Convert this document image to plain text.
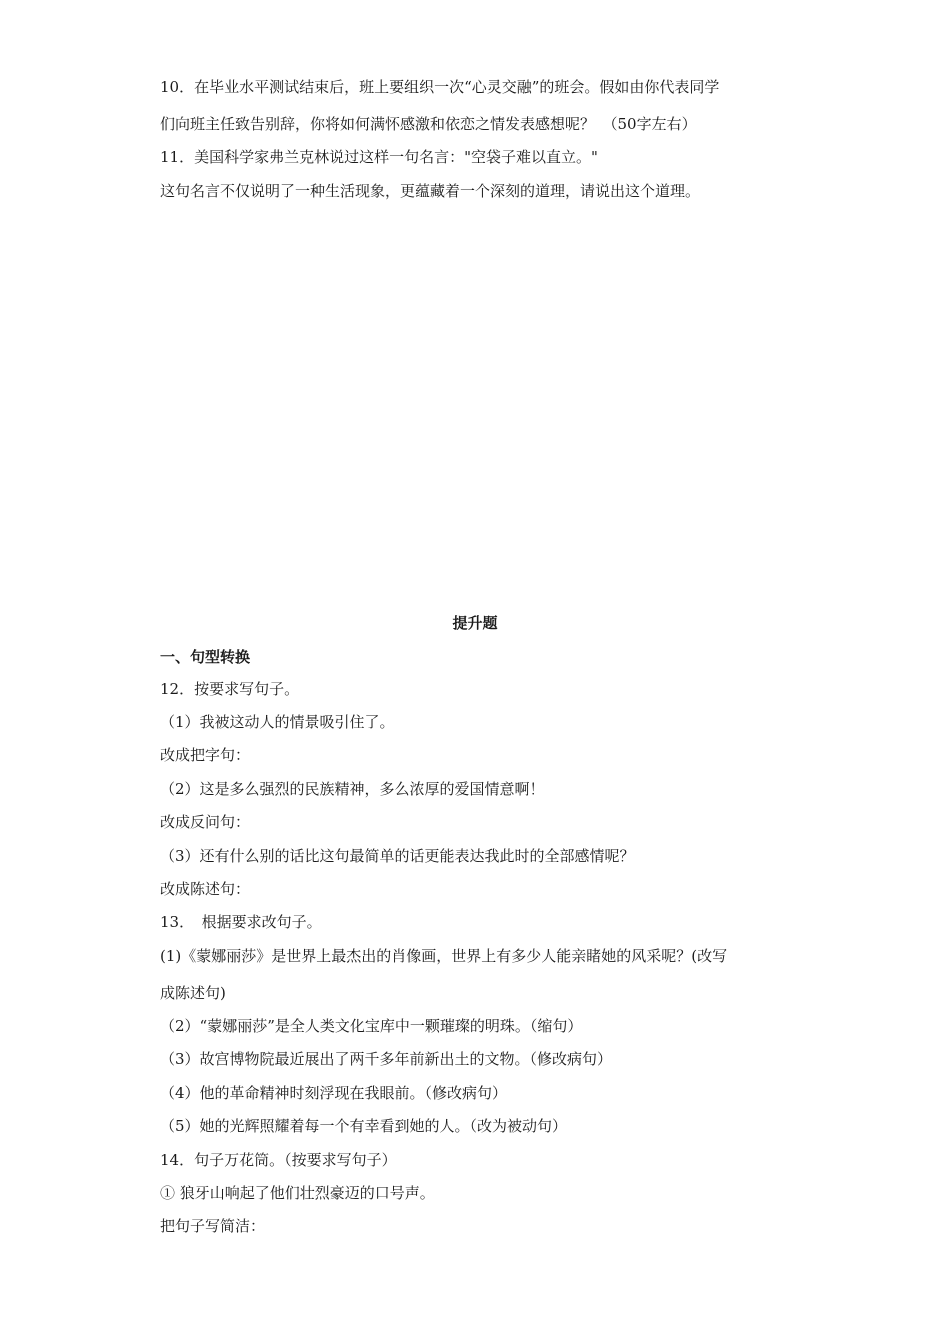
10．在毕业水平测试结束后，班上要组织一次“心灵交融”的班会。假如由你代表同学
们向班主任致告别辞，你将如何满怀感激和依恋之情发表感想呢？　（50字左右）
11．美国科学家弗兰克林说过这样一句名言："空袋子难以直立。"
这句名言不仅说明了一种生活现象，更蕴藏着一个深刻的道理，请说出这个道理。
提升题
一、句型转换
12．按要求写句子。
（1）我被这动人的情景吸引住了。
改成把字句：
（2）这是多么强烈的民族精神，多么浓厚的爱国情意啊！
改成反问句：
（3）还有什么别的话比这句最简单的话更能表达我此时的全部感情呢？
改成陈述句：
13．　根据要求改句子。
(1)《蒙娜丽莎》是世界上最杰出的肖像画，世界上有多少人能亲睹她的风采呢？(改写
成陈述句)
（2）“蒙娜丽莎”是全人类文化宝库中一颗璀璨的明珠。（缩句）
（3）故宫博物院最近展出了两千多年前新出土的文物。（修改病句）
（4）他的革命精神时刻浮现在我眼前。（修改病句）
（5）她的光辉照耀着每一个有幸看到她的人。（改为被动句）
14．句子万花筒。（按要求写句子）
① 狼牙山响起了他们壮烈豪迈的口号声。
把句子写简洁：
